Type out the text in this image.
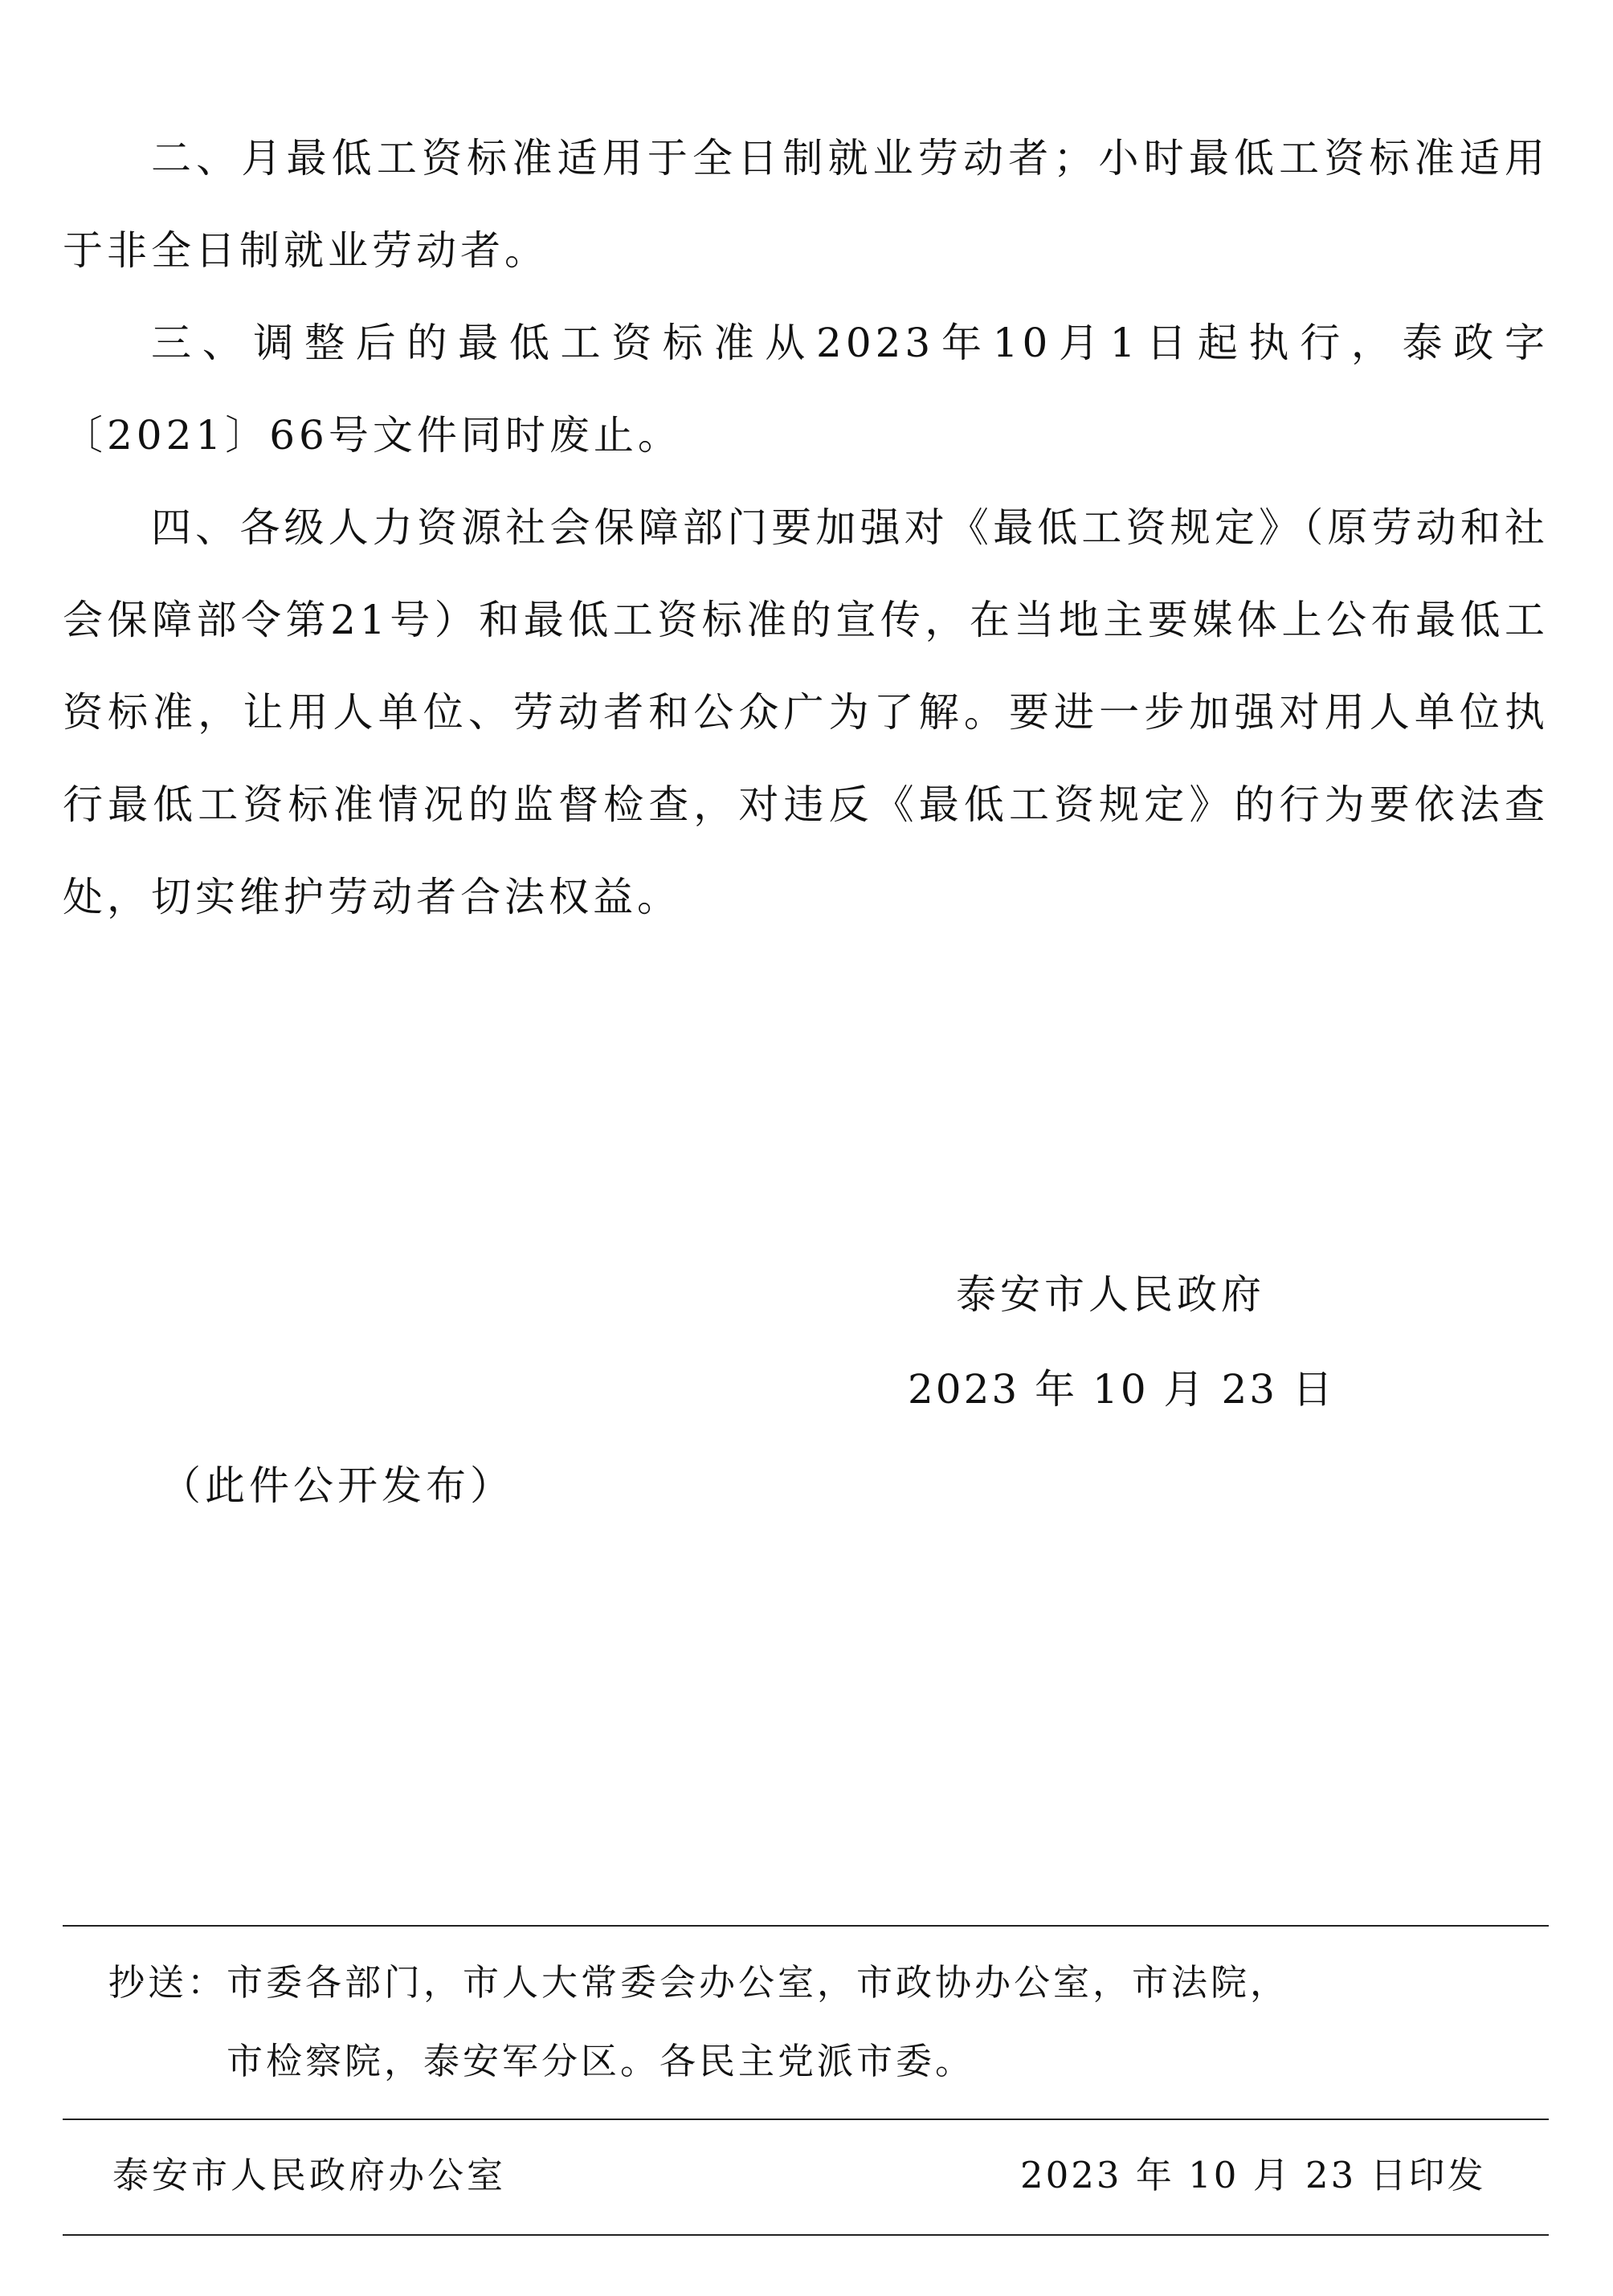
二、月最低工资标准适用于全日制就业劳动者；小时最低工资标准适用于非全日制就业劳动者。

三、调整后的最低工资标准从2023年10月1日起执行，泰政字〔2021〕66号文件同时废止。

四、各级人力资源社会保障部门要加强对《最低工资规定》（原劳动和社会保障部令第21号）和最低工资标准的宣传，在当地主要媒体上公布最低工资标准，让用人单位、劳动者和公众广为了解。要进一步加强对用人单位执行最低工资标准情况的监督检查，对违反《最低工资规定》的行为要依法查处，切实维护劳动者合法权益。

泰安市人民政府
2023 年 10 月 23 日
（此件公开发布）
抄送：市委各部门，市人大常委会办公室，市政协办公室，市法院，
市检察院，泰安军分区。各民主党派市委。
泰安市人民政府办公室	2023 年 10 月 23 日印发
